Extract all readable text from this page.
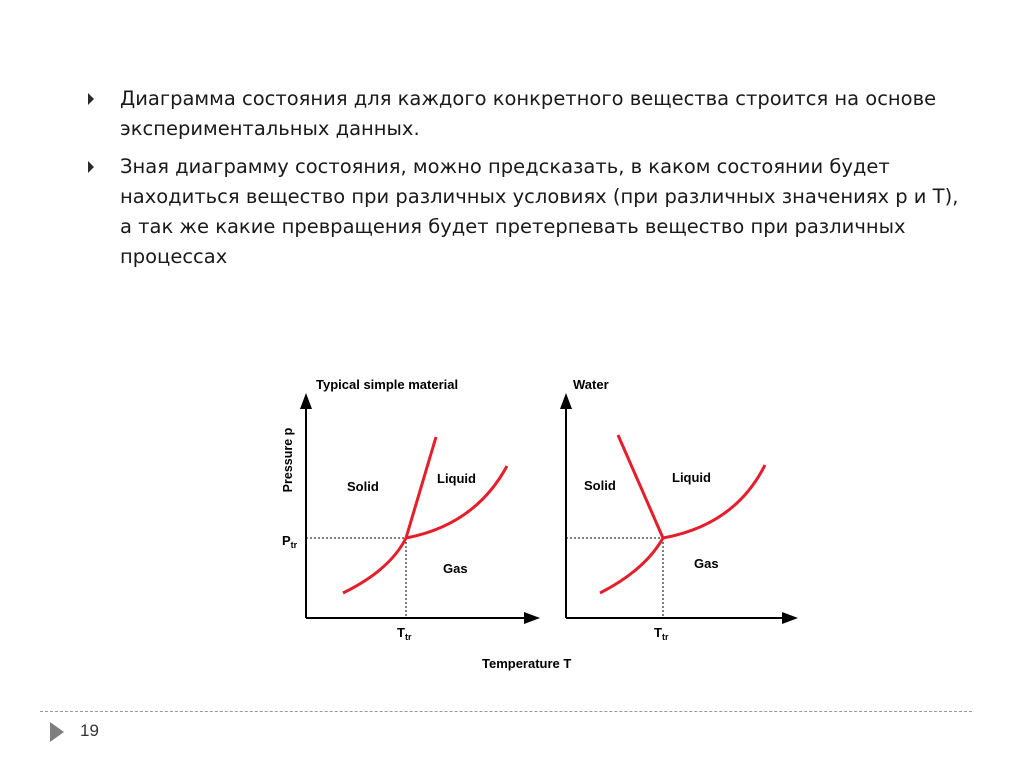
Диаграмма состояния для каждого конкретного вещества строится на основе экспериментальных данных.
Зная диаграмму состояния, можно предсказать, в каком состоянии будет находиться вещество при различных условиях (при различных значениях p и Т), а так же какие превращения будет претерпевать вещество при различных процессах
Typical simple material
Pressure p	Solid
Liquid
Gas
$P_{tr}$
$T_{tr}$
Water
Solid
Liquid
Gas
$T_{tr}$
Temperature T
19
